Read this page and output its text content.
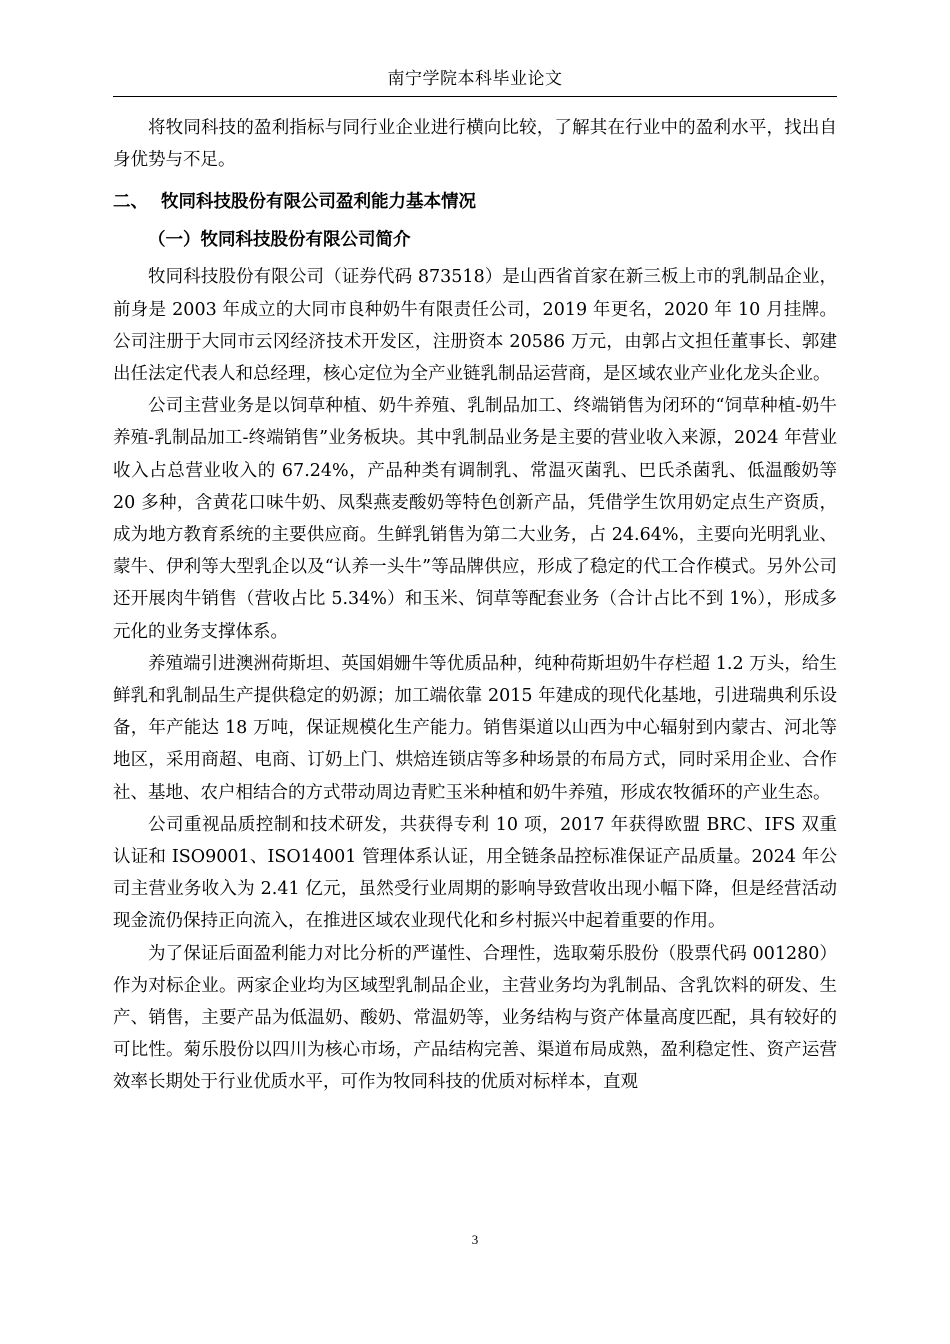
南宁学院本科毕业论文

将牧同科技的盈利指标与同行业企业进行横向比较，了解其在行业中的盈利水平，找出自身优势与不足。

二、 牧同科技股份有限公司盈利能力基本情况
（一）牧同科技股份有限公司简介

牧同科技股份有限公司（证券代码 873518）是山西省首家在新三板上市的乳制品企业，前身是 2003 年成立的大同市良种奶牛有限责任公司，2019 年更名，2020 年 10 月挂牌。公司注册于大同市云冈经济技术开发区，注册资本 20586 万元，由郭占文担任董事长、郭建出任法定代表人和总经理，核心定位为全产业链乳制品运营商，是区域农业产业化龙头企业。

公司主营业务是以饲草种植、奶牛养殖、乳制品加工、终端销售为闭环的“饲草种植-奶牛养殖-乳制品加工-终端销售”业务板块。其中乳制品业务是主要的营业收入来源，2024 年营业收入占总营业收入的 67.24%，产品种类有调制乳、常温灭菌乳、巴氏杀菌乳、低温酸奶等 20 多种，含黄花口味牛奶、凤梨燕麦酸奶等特色创新产品，凭借学生饮用奶定点生产资质，成为地方教育系统的主要供应商。生鲜乳销售为第二大业务，占 24.64%，主要向光明乳业、蒙牛、伊利等大型乳企以及“认养一头牛”等品牌供应，形成了稳定的代工合作模式。另外公司还开展肉牛销售（营收占比 5.34%）和玉米、饲草等配套业务（合计占比不到 1%），形成多元化的业务支撑体系。

养殖端引进澳洲荷斯坦、英国娟姗牛等优质品种，纯种荷斯坦奶牛存栏超 1.2 万头，给生鲜乳和乳制品生产提供稳定的奶源；加工端依靠 2015 年建成的现代化基地，引进瑞典利乐设备，年产能达 18 万吨，保证规模化生产能力。销售渠道以山西为中心辐射到内蒙古、河北等地区，采用商超、电商、订奶上门、烘焙连锁店等多种场景的布局方式，同时采用企业、合作社、基地、农户相结合的方式带动周边青贮玉米种植和奶牛养殖，形成农牧循环的产业生态。

公司重视品质控制和技术研发，共获得专利 10 项，2017 年获得欧盟 BRC、IFS 双重认证和 ISO9001、ISO14001 管理体系认证，用全链条品控标准保证产品质量。2024 年公司主营业务收入为 2.41 亿元，虽然受行业周期的影响导致营收出现小幅下降，但是经营活动现金流仍保持正向流入，在推进区域农业现代化和乡村振兴中起着重要的作用。

为了保证后面盈利能力对比分析的严谨性、合理性，选取菊乐股份（股票代码 001280）作为对标企业。两家企业均为区域型乳制品企业，主营业务均为乳制品、含乳饮料的研发、生产、销售，主要产品为低温奶、酸奶、常温奶等，业务结构与资产体量高度匹配，具有较好的可比性。菊乐股份以四川为核心市场，产品结构完善、渠道布局成熟，盈利稳定性、资产运营效率长期处于行业优质水平，可作为牧同科技的优质对标样本，直观

3
